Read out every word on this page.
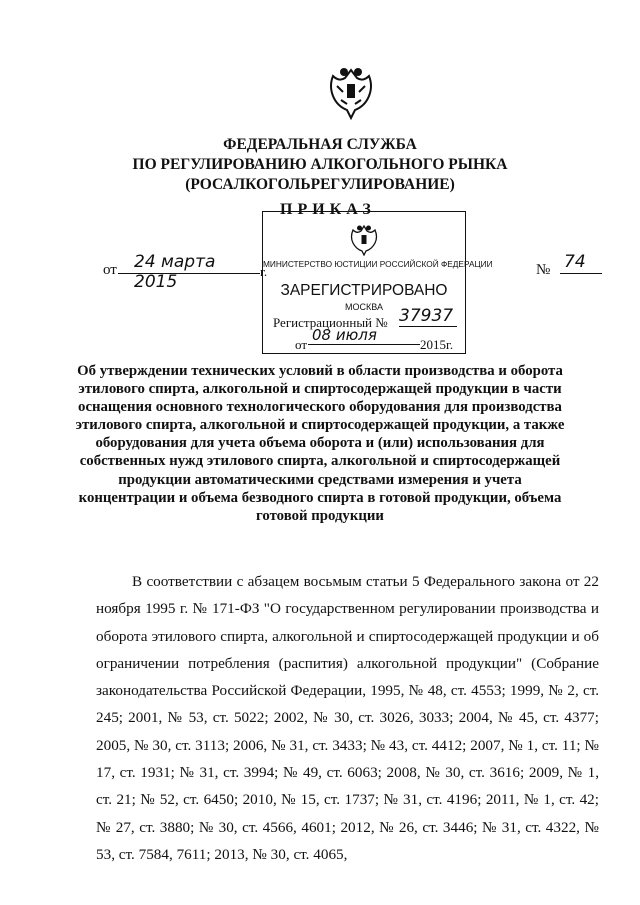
ФЕДЕРАЛЬНАЯ СЛУЖБА
ПО РЕГУЛИРОВАНИЮ АЛКОГОЛЬНОГО РЫНКА
(РОСАЛКОГОЛЬРЕГУЛИРОВАНИЕ)
ПРИКАЗ
от	24 марта 2015
г.	№ 74
МИНИСТЕРСТВО ЮСТИЦИИ РОССИЙСКОЙ ФЕДЕРАЦИИ
ЗАРЕГИСТРИРОВАНО
МОСКВА
Регистрационный № 37937
от
08 июля
2015г.
Об утверждении технических условий в области производства и оборота этилового спирта, алкогольной и спиртосодержащей продукции в части оснащения основного технологического оборудования для производства этилового спирта, алкогольной и спиртосодержащей продукции, а также оборудования для учета объема оборота и (или) использования для собственных нужд этилового спирта, алкогольной и спиртосодержащей продукции автоматическими средствами измерения и учета концентрации и объема безводного спирта в готовой продукции, объема готовой продукции
В соответствии с абзацем восьмым статьи 5 Федерального закона от 22 ноября 1995 г. № 171-ФЗ "О государственном регулировании производства и оборота этилового спирта, алкогольной и спиртосодержащей продукции и об ограничении потребления (распития) алкогольной продукции" (Собрание законодательства Российской Федерации, 1995, № 48, ст. 4553; 1999, № 2, ст. 245; 2001, № 53, ст. 5022; 2002, № 30, ст. 3026, 3033; 2004, № 45, ст. 4377; 2005, № 30, ст. 3113; 2006, № 31, ст. 3433; № 43, ст. 4412; 2007, № 1, ст. 11; № 17, ст. 1931; № 31, ст. 3994; № 49, ст. 6063; 2008, № 30, ст. 3616; 2009, № 1, ст. 21; № 52, ст. 6450; 2010, № 15, ст. 1737; № 31, ст. 4196; 2011, № 1, ст. 42; № 27, ст. 3880; № 30, ст. 4566, 4601; 2012, № 26, ст. 3446; № 31, ст. 4322, № 53, ст. 7584, 7611; 2013, № 30, ст. 4065,
